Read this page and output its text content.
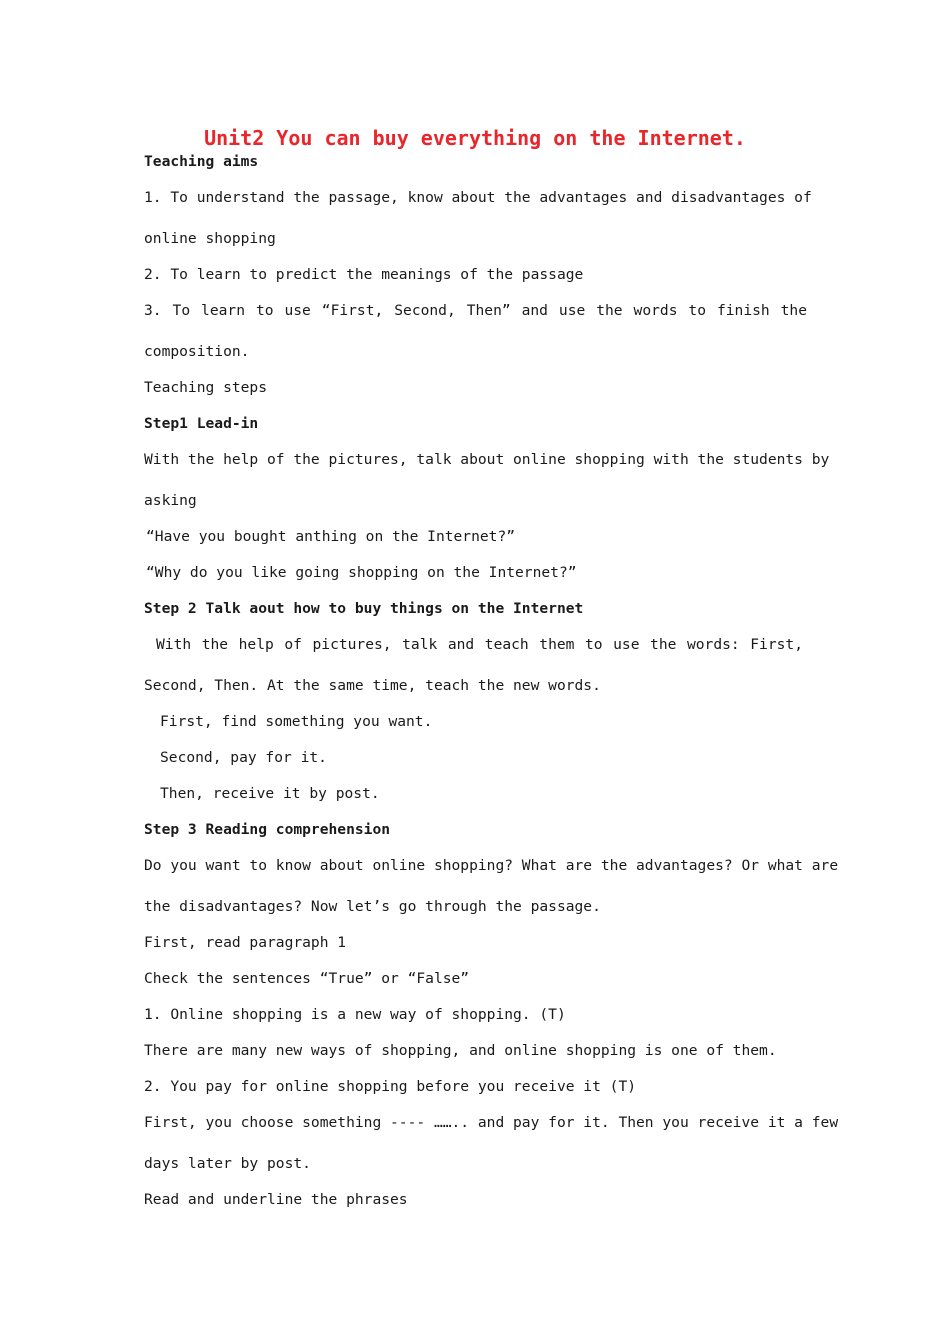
Unit2 You can buy everything on the Internet.
Teaching aims
1. To understand the passage, know about the advantages and disadvantages of
online shopping
2. To learn to predict the meanings of the passage
3. To learn to use “First, Second, Then” and use the words to finish the
composition.
Teaching steps
Step1 Lead-in
With the help of the pictures, talk about online shopping with the students by
asking
“Have you bought anthing on the Internet?”
“Why do you like going shopping on the Internet?”
Step 2 Talk aout how to buy things on the Internet
With the help of pictures, talk and teach them to use the words: First,
Second, Then. At the same time, teach the new words.
First, find something you want.
Second, pay for it.
Then, receive it by post.
Step 3 Reading comprehension
Do you want to know about online shopping? What are the advantages? Or what are
the disadvantages? Now let’s go through the passage.
First, read paragraph 1
Check the sentences “True” or “False”
1. Online shopping is a new way of shopping. (T)
There are many new ways of shopping, and online shopping is one of them.
2. You pay for online shopping before you receive it (T)
First, you choose something ---- …….. and pay for it. Then you receive it a few
days later by post.
Read and underline the phrases
